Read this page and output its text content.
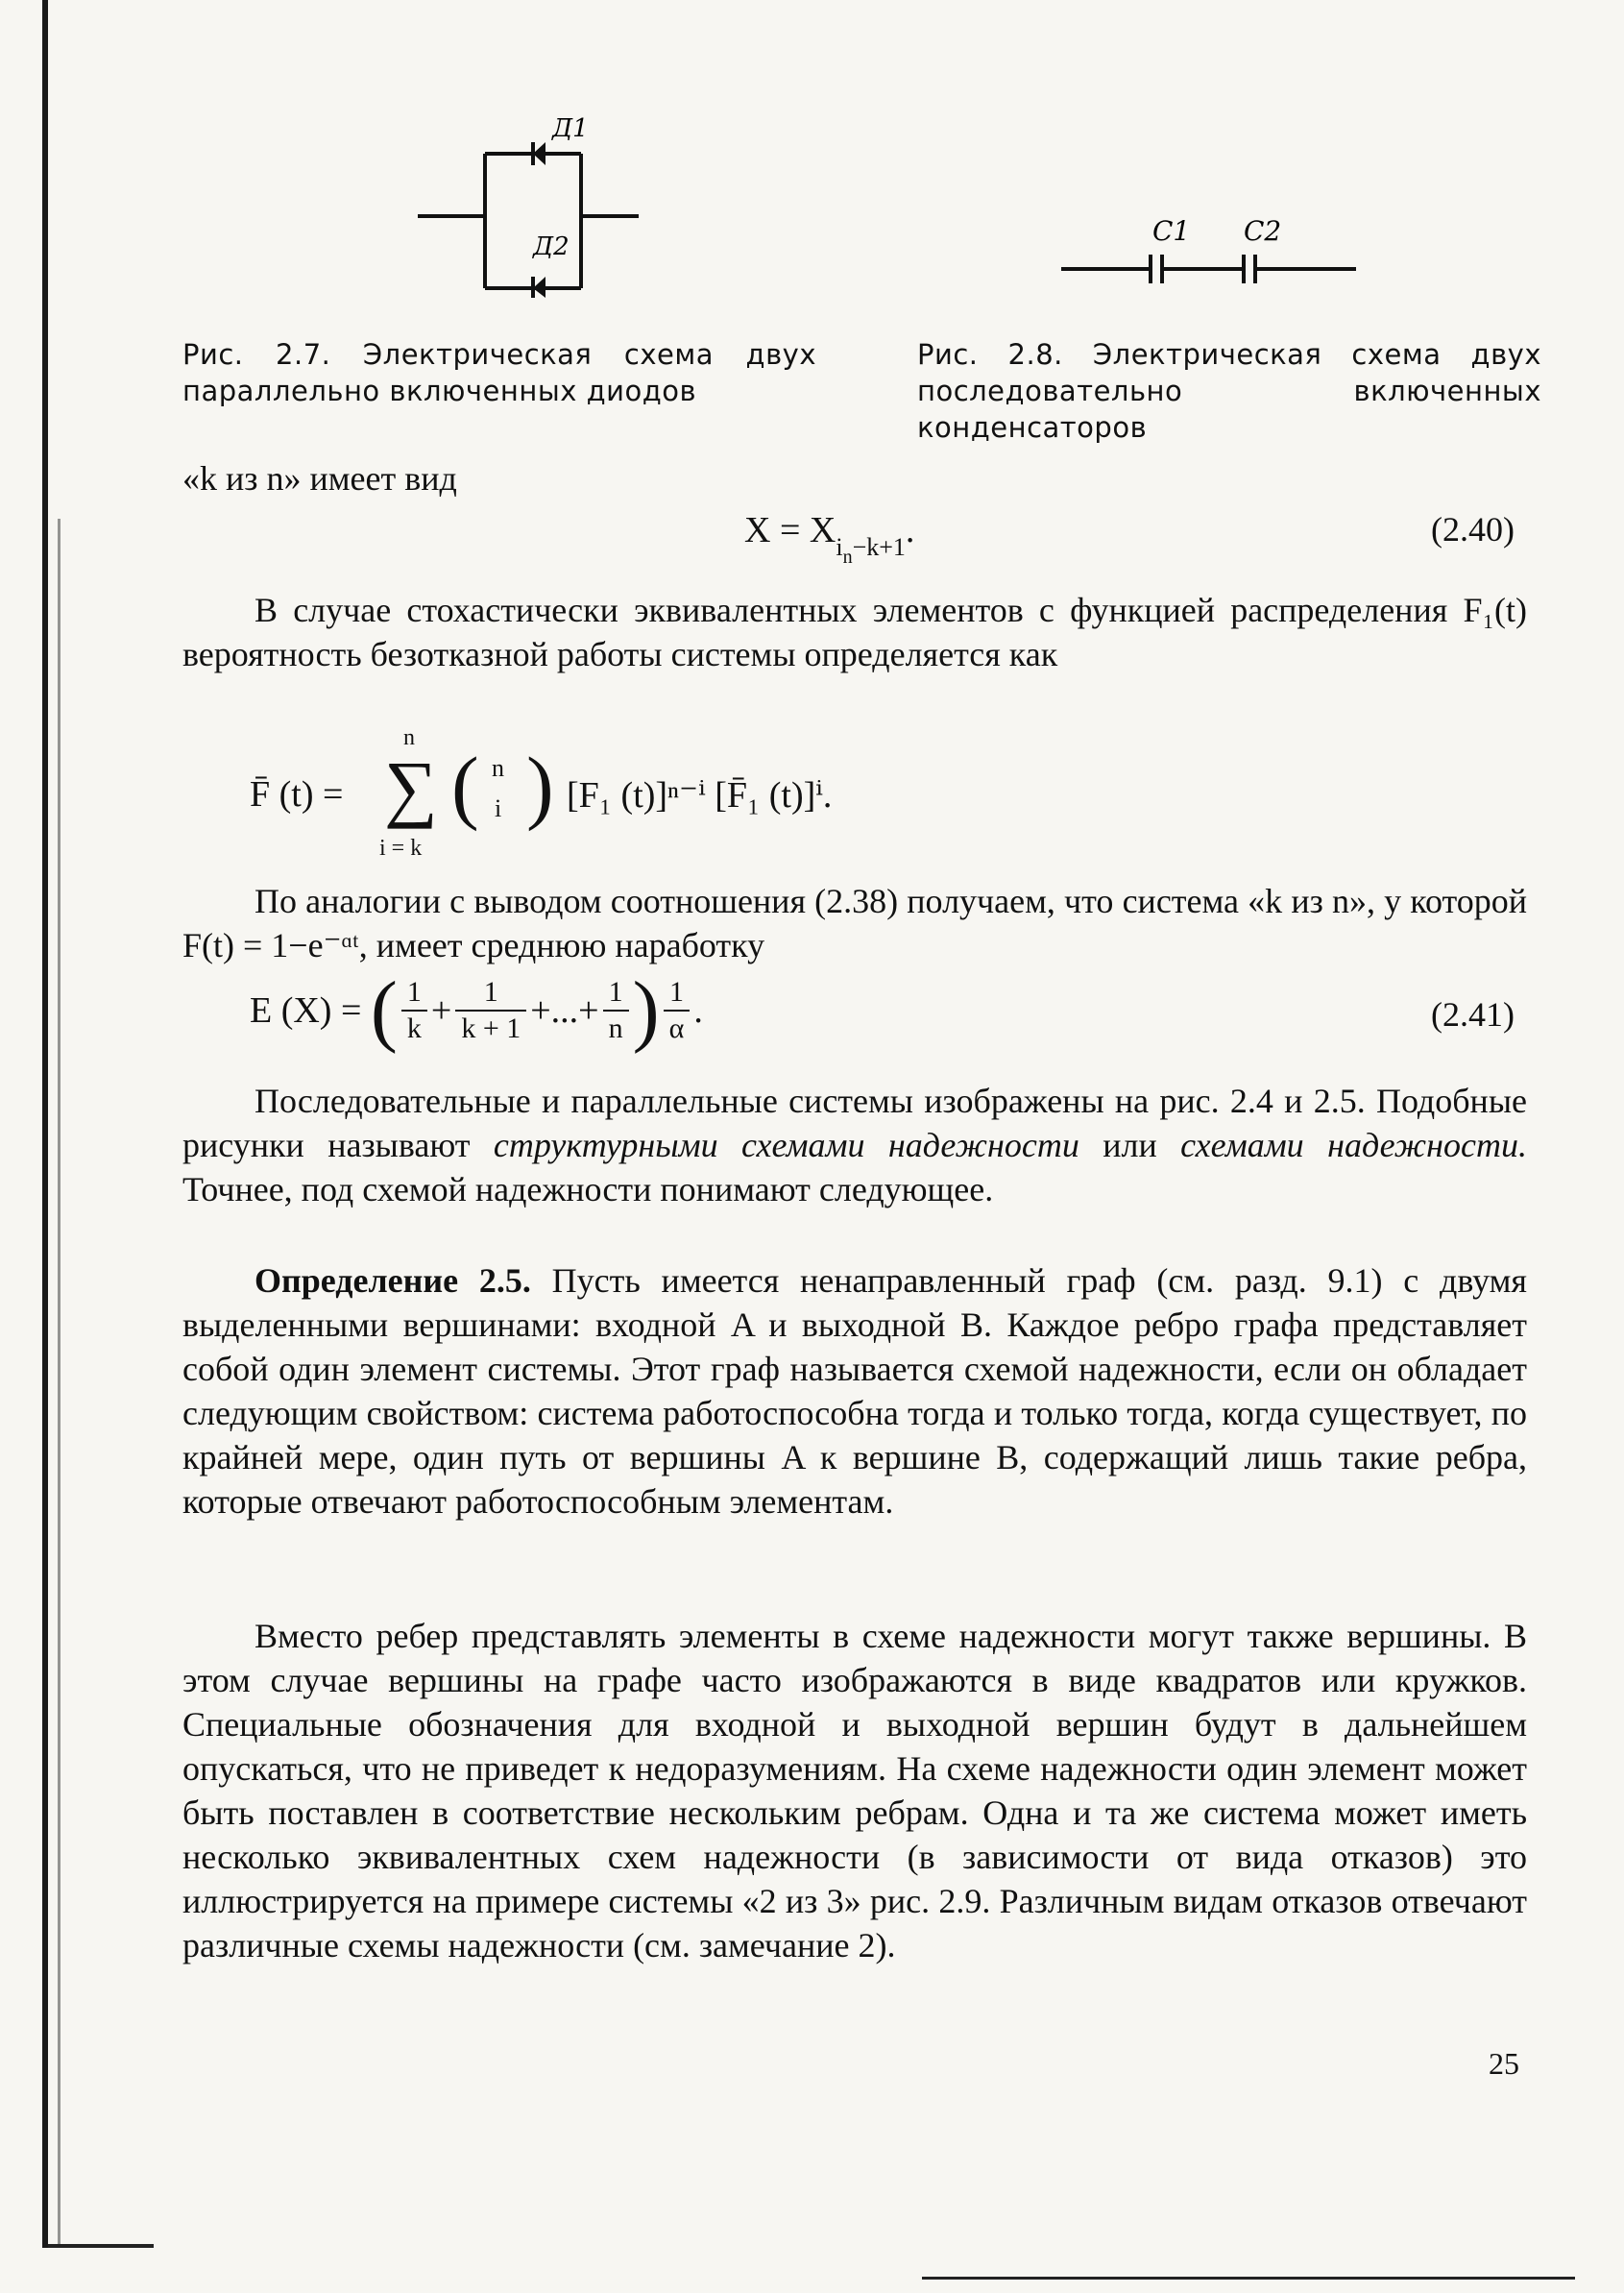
Д1
Д2
Рис. 2.7. Электрическая схема двух параллельно включенных диодов
C1 C2
Рис. 2.8. Электрическая схема двух последовательно включенных конденсаторов
«k из n» имеет вид
$X = X_{i_n-k+1}$.	(2.40)
В случае стохастически эквивалентных элементов с функцией распределения F₁(t) вероятность безотказной работы системы определяется как
F̄ (t) =
n
∑
i = k
( n
i ) [F₁ (t)]ⁿ⁻ⁱ [F̄₁ (t)]ⁱ.
По аналогии с выводом соотношения (2.38) получаем, что система «k из n», у которой F(t) = 1−e⁻ᵅᵗ, имеет среднюю наработку
E (X) = ( $\frac{1}{k} + \frac{1}{k + 1}$ +...+ $\frac{1}{n}$ ) $\frac{1}{\alpha}$ .	(2.41)
Последовательные и параллельные системы изображены на рис. 2.4 и 2.5. Подобные рисунки называют структурными схемами надежности или схемами надежности. Точнее, под схемой надежности понимают следующее.
Определение 2.5. Пусть имеется ненаправленный граф (см. разд. 9.1) с двумя выделенными вершинами: входной A и выходной B. Каждое ребро графа представляет собой один элемент системы. Этот граф называется схемой надежности, если он обладает следующим свойством: система работоспособна тогда и только тогда, когда существует, по крайней мере, один путь от вершины A к вершине B, содержащий лишь такие ребра, которые отвечают работоспособным элементам.
Вместо ребер представлять элементы в схеме надежности могут также вершины. В этом случае вершины на графе часто изображаются в виде квадратов или кружков. Специальные обозначения для входной и выходной вершин будут в дальнейшем опускаться, что не приведет к недоразумениям. На схеме надежности один элемент может быть поставлен в соответствие нескольким ребрам. Одна и та же система может иметь несколько эквивалентных схем надежности (в зависимости от вида отказов) это иллюстрируется на примере системы «2 из 3» рис. 2.9. Различным видам отказов отвечают различные схемы надежности (см. замечание 2).
25
